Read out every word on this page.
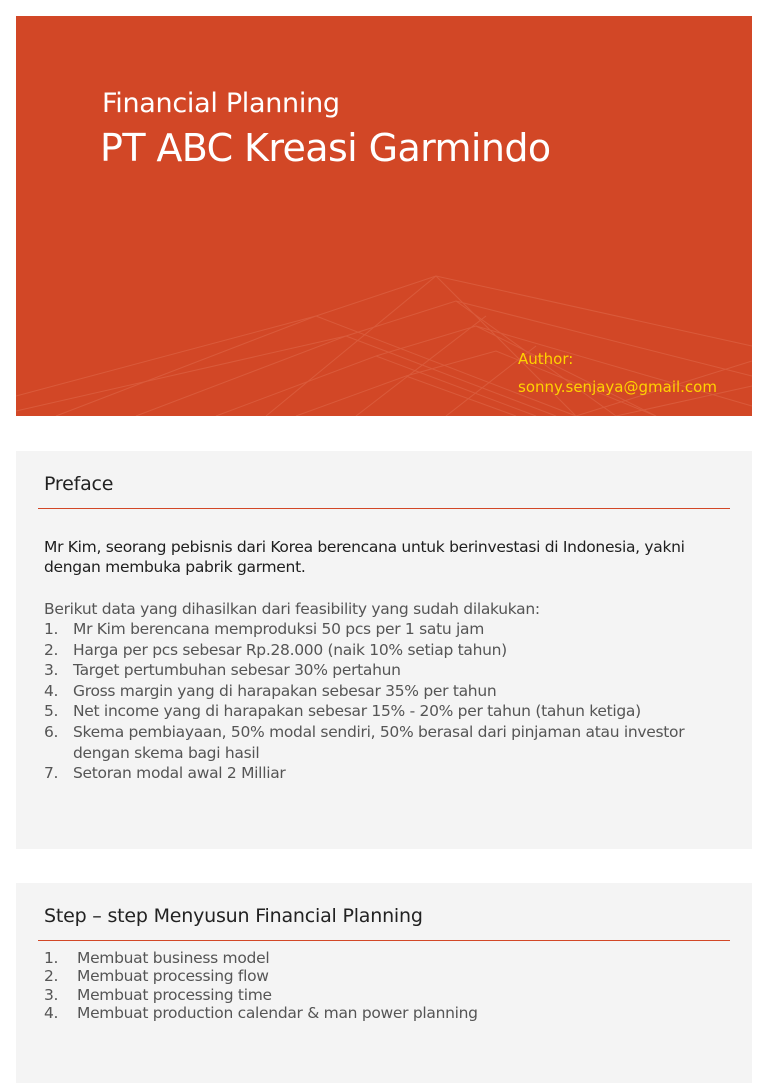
Financial Planning
PT ABC Kreasi Garmindo
Author:
sonny.senjaya@gmail.com
Preface
Mr Kim, seorang pebisnis dari Korea berencana untuk berinvestasi di Indonesia, yakni dengan membuka pabrik garment.
Berikut data yang dihasilkan dari feasibility yang sudah dilakukan:
1. Mr Kim berencana memproduksi 50 pcs per 1 satu jam
2. Harga per pcs sebesar Rp.28.000 (naik 10% setiap tahun)
3. Target pertumbuhan sebesar 30% pertahun
4. Gross margin yang di harapakan sebesar 35% per tahun
5. Net income yang di harapakan sebesar 15% - 20% per tahun (tahun ketiga)
6. Skema pembiayaan, 50% modal sendiri, 50% berasal dari pinjaman atau investor dengan skema bagi hasil
7. Setoran modal awal 2 Milliar
Step – step Menyusun Financial Planning
1. Membuat business model
2. Membuat processing flow
3. Membuat processing time
4. Membuat production calendar & man power planning
